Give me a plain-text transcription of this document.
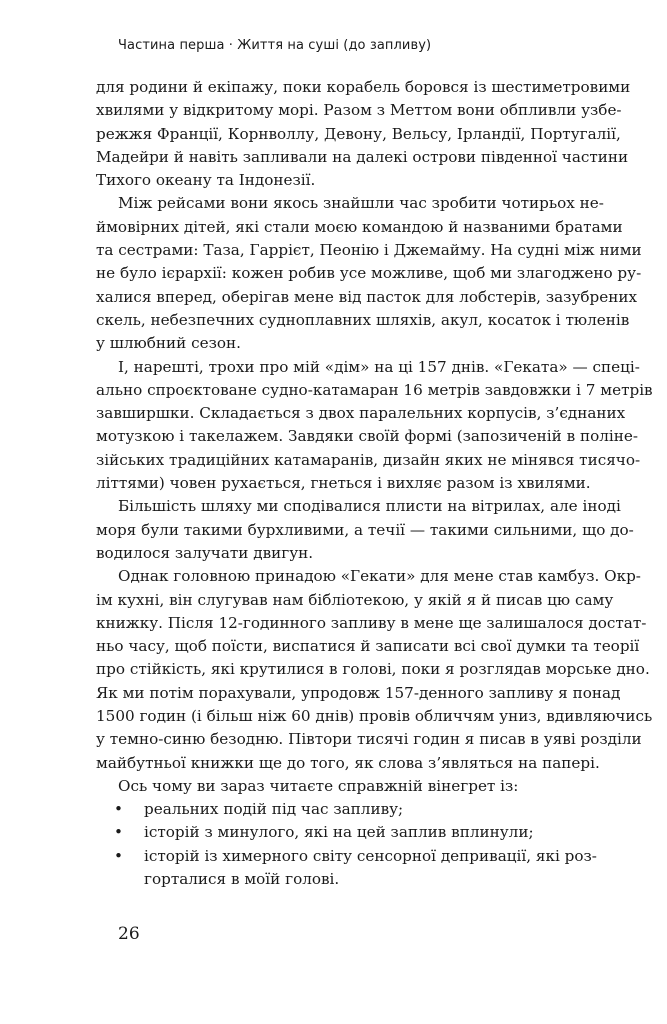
Частина перша · Життя на суші (до запливу)
для родини й екіпажу, поки корабель боровся із шестиметровими
хвилями у відкритому морі. Разом з Меттом вони обпливли узбе-
режжя Франції, Корнволлу, Девону, Вельсу, Ірландії, Португалії,
Мадейри й навіть запливали на далекі острови південної частини
Тихого океану та Індонезії.
Між рейсами вони якось знайшли час зробити чотирьох не-
ймовірних дітей, які стали моєю командою й названими братами
та сестрами: Таза, Гаррієт, Пеонію і Джемайму. На судні між ними
не було ієрархії: кожен робив усе можливе, щоб ми злагоджено ру-
халися вперед, оберігав мене від пасток для лобстерів, зазубрених
скель, небезпечних судноплавних шляхів, акул, косаток і тюленів
у шлюбний сезон.
І, нарешті, трохи про мій «дім» на ці 157 днів. «Геката» — спеці-
ально спроєктоване судно-катамаран 16 метрів завдовжки і 7 метрів
завширшки. Складається з двох паралельних корпусів, з’єднаних
мотузкою і такелажем. Завдяки своїй формі (запозиченій в поліне-
зійських традиційних катамаранів, дизайн яких не мінявся тисячо-
літтями) човен рухається, гнеться і вихляє разом із хвилями.
Більшість шляху ми сподівалися плисти на вітрилах, але іноді
моря були такими бурхливими, а течії — такими сильними, що до-
водилося залучати двигун.
Однак головною принадою «Гекати» для мене став камбуз. Окр-
ім кухні, він слугував нам бібліотекою, у якій я й писав цю саму
книжку. Після 12-годинного запливу в мене ще залишалося достат-
ньо часу, щоб поїсти, виспатися й записати всі свої думки та теорії
про стійкість, які крутилися в голові, поки я розглядав морське дно.
Як ми потім порахували, упродовж 157-денного запливу я понад
1500 годин (і більш ніж 60 днів) провів обличчям униз, вдивляючись
у темно-синю безодню. Півтори тисячі годин я писав в уяві розділи
майбутньої книжки ще до того, як слова з’являться на папері.
Ось чому ви зараз читаєте справжній вінегрет із:
• реальних подій під час запливу;
• історій з минулого, які на цей заплив вплинули;
• історій із химерного світу сенсорної депривації, які роз-
горталися в моїй голові.
26
